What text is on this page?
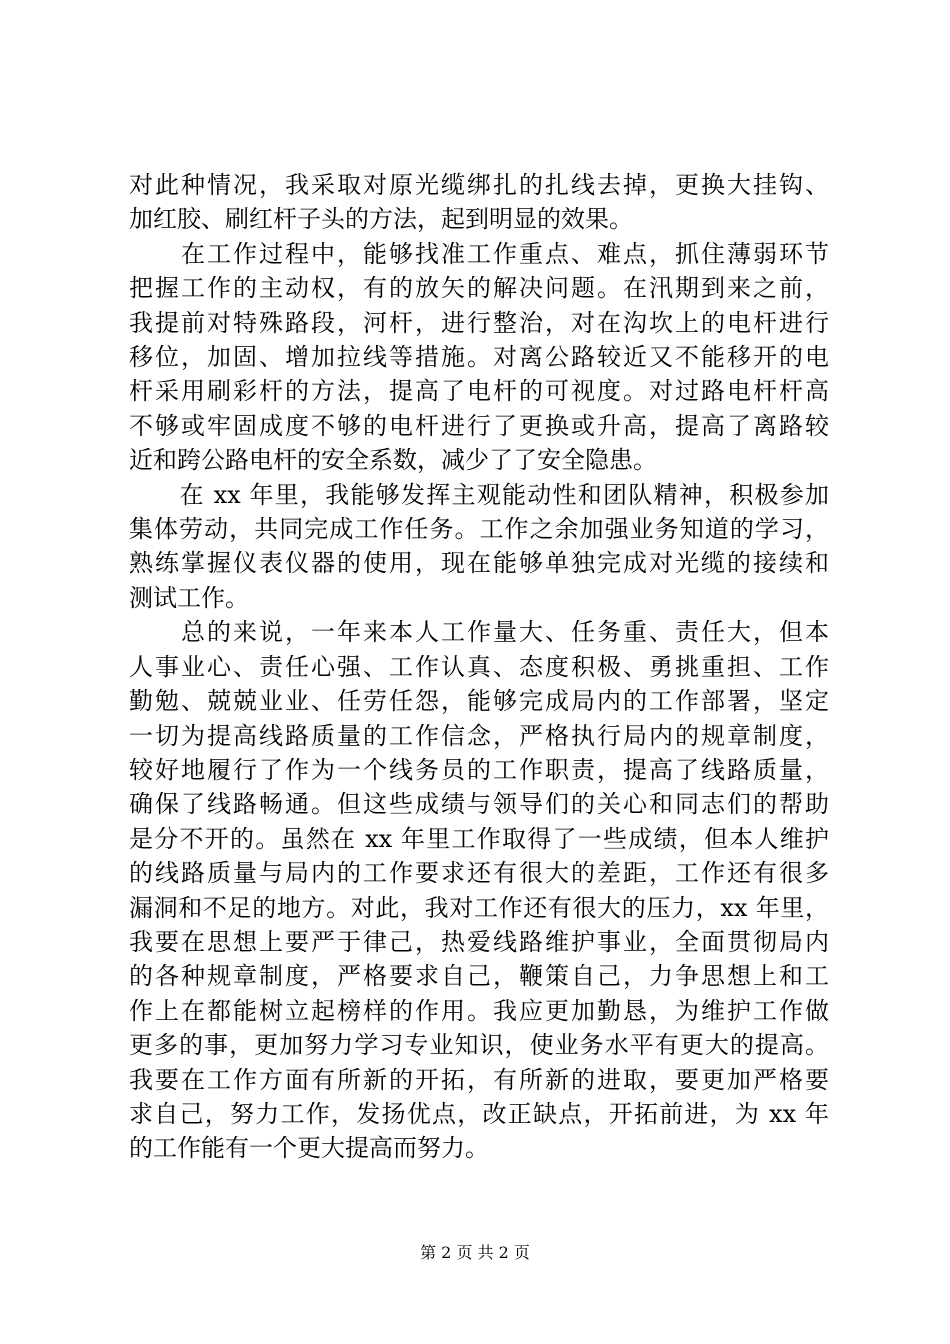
对此种情况，我采取对原光缆绑扎的扎线去掉，更换大挂钩、
加红胶、刷红杆子头的方法，起到明显的效果。
　　在工作过程中，能够找准工作重点、难点，抓住薄弱环节
把握工作的主动权，有的放矢的解决问题。在汛期到来之前，
我提前对特殊路段，河杆，进行整治，对在沟坎上的电杆进行
移位，加固、增加拉线等措施。对离公路较近又不能移开的电
杆采用刷彩杆的方法，提高了电杆的可视度。对过路电杆杆高
不够或牢固成度不够的电杆进行了更换或升高，提高了离路较
近和跨公路电杆的安全系数，减少了了安全隐患。
　　在 xx 年里，我能够发挥主观能动性和团队精神，积极参加
集体劳动，共同完成工作任务。工作之余加强业务知道的学习，
熟练掌握仪表仪器的使用，现在能够单独完成对光缆的接续和
测试工作。
　　总的来说，一年来本人工作量大、任务重、责任大，但本
人事业心、责任心强、工作认真、态度积极、勇挑重担、工作
勤勉、兢兢业业、任劳任怨，能够完成局内的工作部署，坚定
一切为提高线路质量的工作信念，严格执行局内的规章制度，
较好地履行了作为一个线务员的工作职责，提高了线路质量，
确保了线路畅通。但这些成绩与领导们的关心和同志们的帮助
是分不开的。虽然在 xx 年里工作取得了一些成绩，但本人维护
的线路质量与局内的工作要求还有很大的差距，工作还有很多
漏洞和不足的地方。对此，我对工作还有很大的压力，xx 年里，
我要在思想上要严于律己，热爱线路维护事业，全面贯彻局内
的各种规章制度，严格要求自己，鞭策自己，力争思想上和工
作上在都能树立起榜样的作用。我应更加勤恳，为维护工作做
更多的事，更加努力学习专业知识，使业务水平有更大的提高。
我要在工作方面有所新的开拓，有所新的进取，要更加严格要
求自己，努力工作，发扬优点，改正缺点，开拓前进，为 xx 年
的工作能有一个更大提高而努力。
第 2 页 共 2 页
